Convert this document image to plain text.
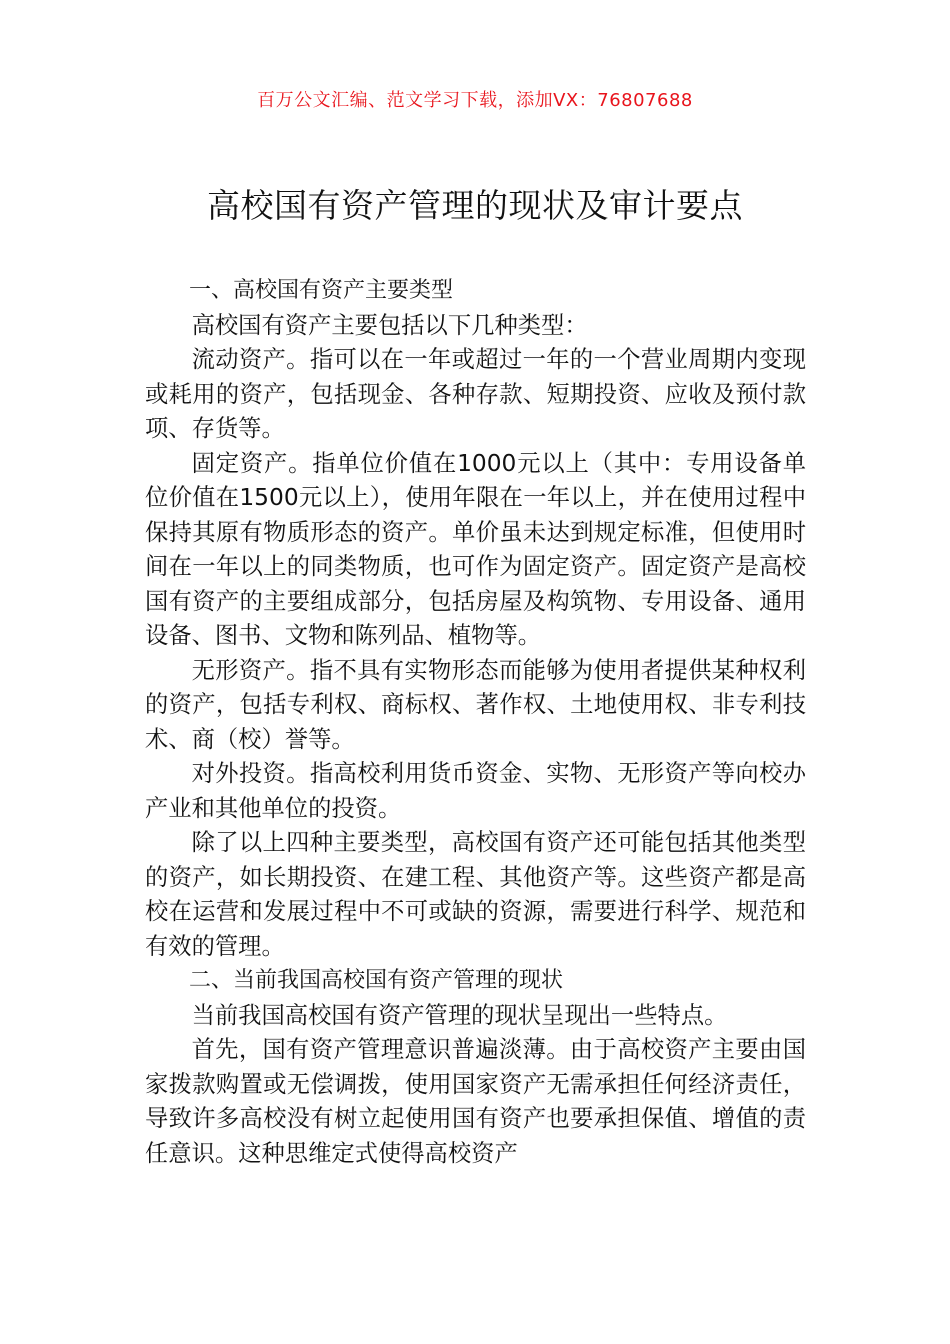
百万公文汇编、范文学习下载，添加VX：76807688
高校国有资产管理的现状及审计要点

一、高校国有资产主要类型

高校国有资产主要包括以下几种类型：

流动资产。指可以在一年或超过一年的一个营业周期内变现或耗用的资产，包括现金、各种存款、短期投资、应收及预付款项、存货等。

固定资产。指单位价值在1000元以上（其中：专用设备单位价值在1500元以上），使用年限在一年以上，并在使用过程中保持其原有物质形态的资产。单价虽未达到规定标准，但使用时间在一年以上的同类物质，也可作为固定资产。固定资产是高校国有资产的主要组成部分，包括房屋及构筑物、专用设备、通用设备、图书、文物和陈列品、植物等。

无形资产。指不具有实物形态而能够为使用者提供某种权利的资产，包括专利权、商标权、著作权、土地使用权、非专利技术、商（校）誉等。

对外投资。指高校利用货币资金、实物、无形资产等向校办产业和其他单位的投资。

除了以上四种主要类型，高校国有资产还可能包括其他类型的资产，如长期投资、在建工程、其他资产等。这些资产都是高校在运营和发展过程中不可或缺的资源，需要进行科学、规范和有效的管理。

二、当前我国高校国有资产管理的现状

当前我国高校国有资产管理的现状呈现出一些特点。

首先，国有资产管理意识普遍淡薄。由于高校资产主要由国家拨款购置或无偿调拨，使用国家资产无需承担任何经济责任，导致许多高校没有树立起使用国有资产也要承担保值、增值的责任意识。这种思维定式使得高校资产
